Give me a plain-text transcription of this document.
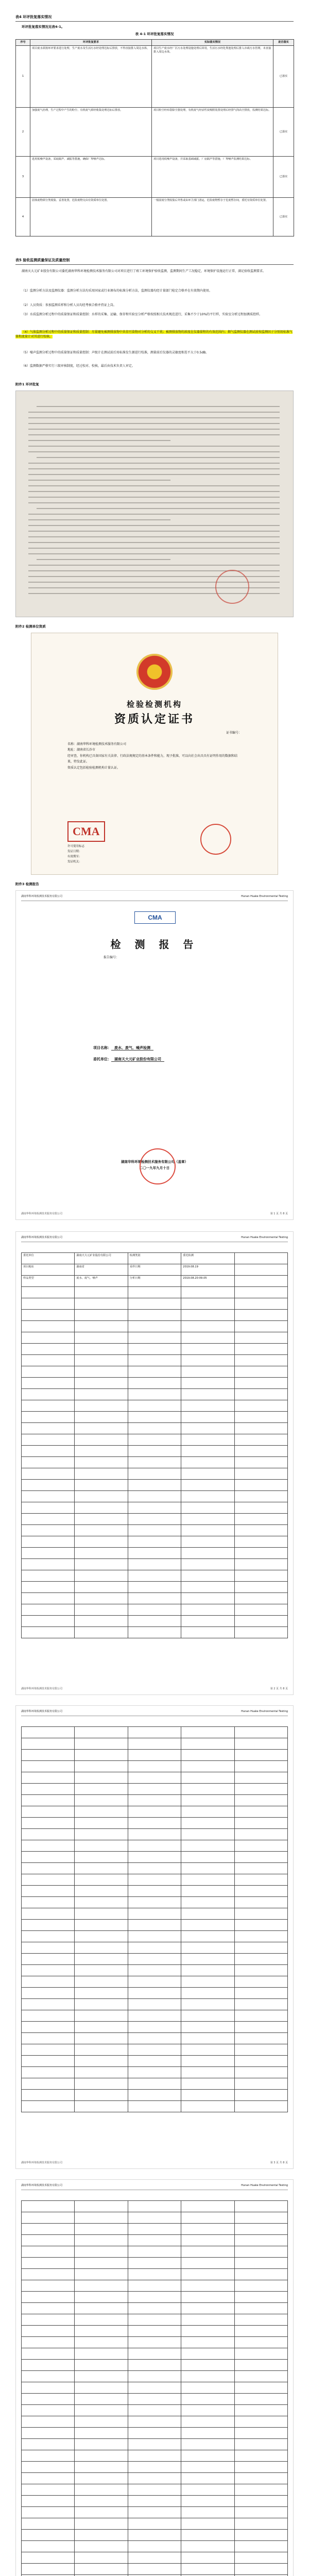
表4 环评批复落实情况
环评批复落实情况见表4-1。
表 4-1 环评批复落实情况
序号	环评批复要求	实际落实情况	是否落实
1	项目废水须按环评要求进行处理，生产废水及生活污水经处理达标后排放，不得直接排入周边水体。	项目生产废水经厂区污水处理设施处理后回用，生活污水经化粪池处理后排入市政污水管网，未直接排入周边水体。	已落实
2	加强废气治理，生产过程中产生的粉尘、有机废气须经收集处理达标后排放。	项目粉尘经布袋除尘器处理，有机废气经活性炭吸附装置处理后经排气筒高空排放，监测结果达标。	已落实
3	选用低噪声设备，采取隔声、减振等措施，确保厂界噪声达标。	项目选用低噪声设备，并采取基础减振、厂房隔声等措施，厂界噪声监测结果达标。	已落实
4	固体废物须分类收集、妥善处置，危险废物交由有资质单位处置。	一般固废分类收集后外售或由环卫部门清运，危险废物暂存于危废暂存间，委托有资质单位处置。	已落实
表5 验收监测质量保证及质量控制
湖南天大元矿业股份有限公司委托湖南华科环境检测技术服务有限公司对项目进行了竣工环境保护验收监测，监测期间生产工况稳定，环境保护设施运行正常，满足验收监测要求。
（1）监测分析方法及监测仪器：监测分析方法均采用国家或行业颁布的标准分析方法，监测仪器均经计量部门检定合格并在有效期内使用。
（2）人员资质：参加监测采样和分析人员均经考核合格并持证上岗。
（3）水质监测分析过程中的质量保证和质量控制：水样的采集、运输、保存和实验室分析严格按照相关技术规范进行，采集不少于10%的平行样，实验室分析过程加测质控样。
（4）气体监测分析过程中的质量保证和质量控制：尽量避免被测排放物中共存污染物对分析的交叉干扰；被测排放物的浓度在仪器量程的有效范围内；烟气监测仪器在测试前按监测因子分别用标准气体和流量计对其进行校核。
（5）噪声监测分析过程中的质量保证和质量控制：声级计在测试前后用标准发生源进行校准，测量前后仪器的灵敏度相差不大于0.5dB。
（6）监测数据严格实行三级审核制度，经过校对、校核，最后由技术负责人审定。
附件1 环评批复
附件2 检测单位资质
检验检测机构
资质认定证书
证书编号：
名称：湖南华科环境检测技术服务有限公司
地址：湖南省长沙市
经审查，你机构已具备国家有关法律、行政法规规定的基本条件和能力，现予批准，可以向社会出具具有证明作用的数据和结果，特发此证。
资质认定包括检验检测机构计量认证。
CMA
许可使用标志
发证日期：
有效期至：
发证机关：
附件3 检测报告
湖南华科环境检测技术服务有限公司	Hunan Huake Environmental Testing
CMA
检 测 报 告
报告编号：
项目名称： 废水、废气、噪声检测
委托单位： 湖南天大元矿业股份有限公司
湖南华科环境检测技术服务有限公司（盖章）
二〇一九年九月十日
湖南华科环境检测技术服务有限公司	第 1 页 共 8 页
湖南华科环境检测技术服务有限公司	Hunan Huake Environmental Testing
委托单位	湖南天大元矿业股份有限公司	检测类别	委托检测	
项目地址	湖南省	采样日期	2019.08.19	
样品类型	废水、废气、噪声	分析日期	2019.08.20-09.05	

湖南华科环境检测技术服务有限公司	第 2 页 共 8 页
湖南华科环境检测技术服务有限公司	Hunan Huake Environmental Testing

湖南华科环境检测技术服务有限公司	第 3 页 共 8 页
湖南华科环境检测技术服务有限公司	Hunan Huake Environmental Testing
